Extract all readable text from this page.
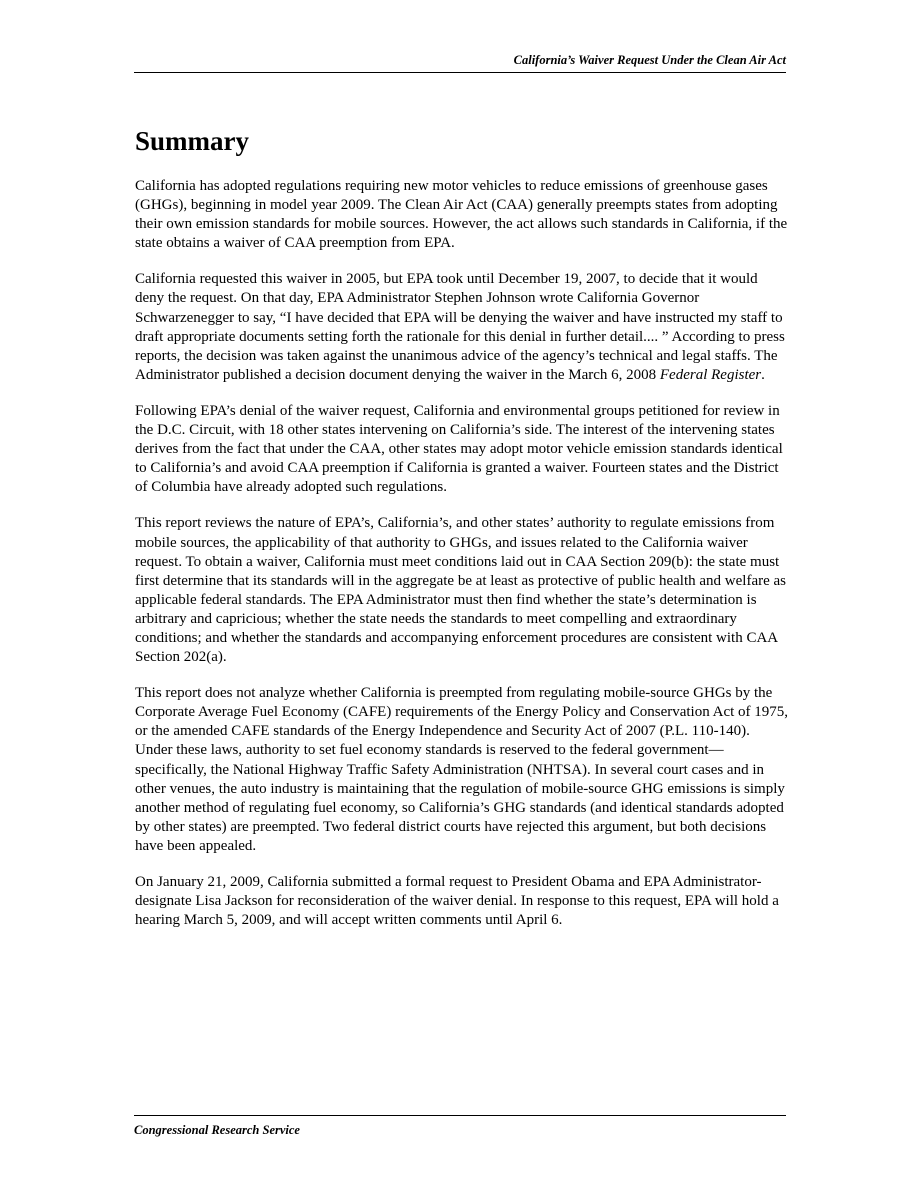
California’s Waiver Request Under the Clean Air Act
Summary

California has adopted regulations requiring new motor vehicles to reduce emissions of greenhouse gases (GHGs), beginning in model year 2009. The Clean Air Act (CAA) generally preempts states from adopting their own emission standards for mobile sources. However, the act allows such standards in California, if the state obtains a waiver of CAA preemption from EPA.

California requested this waiver in 2005, but EPA took until December 19, 2007, to decide that it would deny the request. On that day, EPA Administrator Stephen Johnson wrote California Governor Schwarzenegger to say, “I have decided that EPA will be denying the waiver and have instructed my staff to draft appropriate documents setting forth the rationale for this denial in further detail.... ” According to press reports, the decision was taken against the unanimous advice of the agency’s technical and legal staffs. The Administrator published a decision document denying the waiver in the March 6, 2008 Federal Register.

Following EPA’s denial of the waiver request, California and environmental groups petitioned for review in the D.C. Circuit, with 18 other states intervening on California’s side. The interest of the intervening states derives from the fact that under the CAA, other states may adopt motor vehicle emission standards identical to California’s and avoid CAA preemption if California is granted a waiver. Fourteen states and the District of Columbia have already adopted such regulations.

This report reviews the nature of EPA’s, California’s, and other states’ authority to regulate emissions from mobile sources, the applicability of that authority to GHGs, and issues related to the California waiver request. To obtain a waiver, California must meet conditions laid out in CAA Section 209(b): the state must first determine that its standards will in the aggregate be at least as protective of public health and welfare as applicable federal standards. The EPA Administrator must then find whether the state’s determination is arbitrary and capricious; whether the state needs the standards to meet compelling and extraordinary conditions; and whether the standards and accompanying enforcement procedures are consistent with CAA Section 202(a).

This report does not analyze whether California is preempted from regulating mobile-source GHGs by the Corporate Average Fuel Economy (CAFE) requirements of the Energy Policy and Conservation Act of 1975, or the amended CAFE standards of the Energy Independence and Security Act of 2007 (P.L. 110-140). Under these laws, authority to set fuel economy standards is reserved to the federal government—specifically, the National Highway Traffic Safety Administration (NHTSA). In several court cases and in other venues, the auto industry is maintaining that the regulation of mobile-source GHG emissions is simply another method of regulating fuel economy, so California’s GHG standards (and identical standards adopted by other states) are preempted. Two federal district courts have rejected this argument, but both decisions have been appealed.

On January 21, 2009, California submitted a formal request to President Obama and EPA Administrator-designate Lisa Jackson for reconsideration of the waiver denial. In response to this request, EPA will hold a hearing March 5, 2009, and will accept written comments until April 6.

Congressional Research Service
